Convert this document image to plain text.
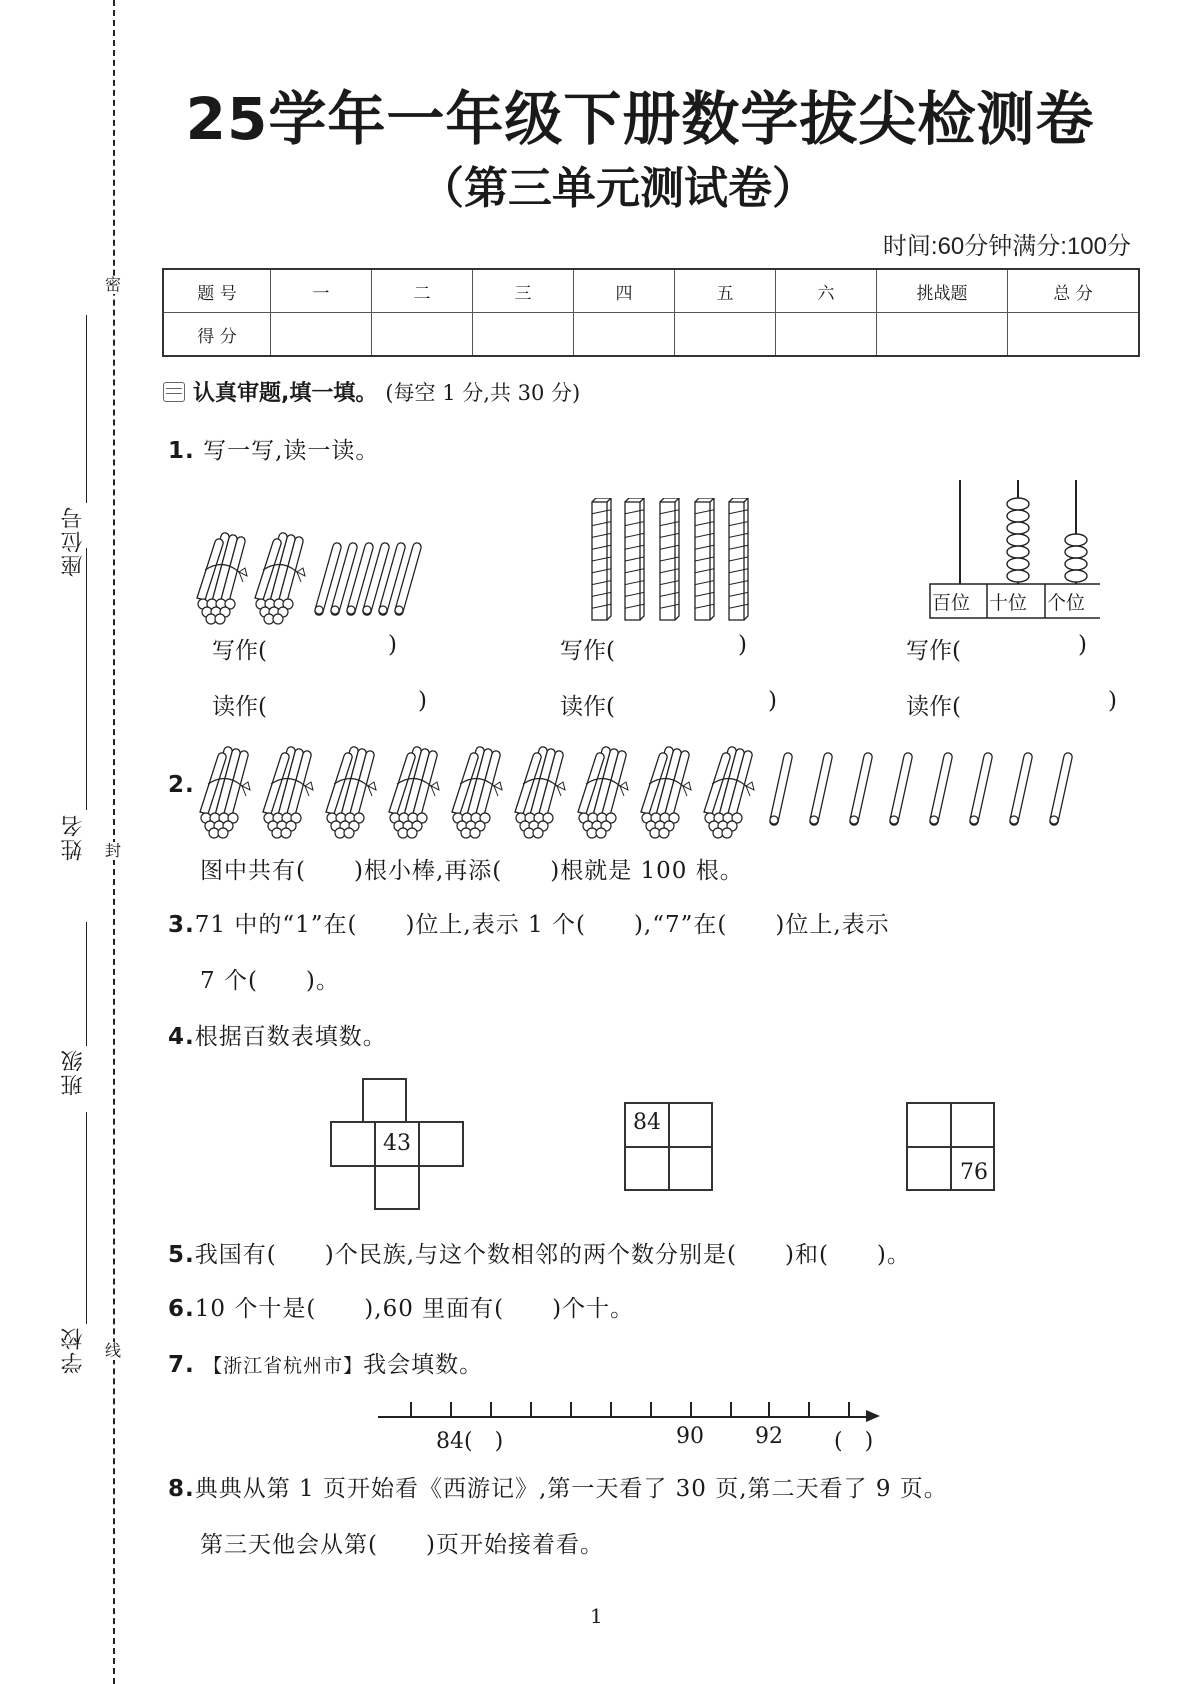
密
封
线
座位号
姓名
班级
学校
25学年一年级下册数学拔尖检测卷
（第三单元测试卷）
时间:60分钟满分:100分
题 号	一	二	三	四	五	六	挑战题	总 分
得 分								
认真审题,填一填。 (每空 1 分,共 30 分)
1. 写一写,读一读。
百位 十位 个位
写作(	)
读作(	)
写作(	)
读作(	)
写作(	)
读作(	)
2.
图中共有(　　)根小棒,再添(　　)根就是 100 根。
3.71 中的“1”在(　　)位上,表示 1 个(　　),“7”在(　　)位上,表示
7 个(　　)。
4.根据百数表填数。
43
84
76
5.我国有(　　)个民族,与这个数相邻的两个数分别是(　　)和(　　)。
6.10 个十是(　　),60 里面有(　　)个十。
7. 【浙江省杭州市】我会填数。
84(　)	90 92 (　)
8.典典从第 1 页开始看《西游记》,第一天看了 30 页,第二天看了 9 页。
第三天他会从第(　　)页开始接着看。
1
